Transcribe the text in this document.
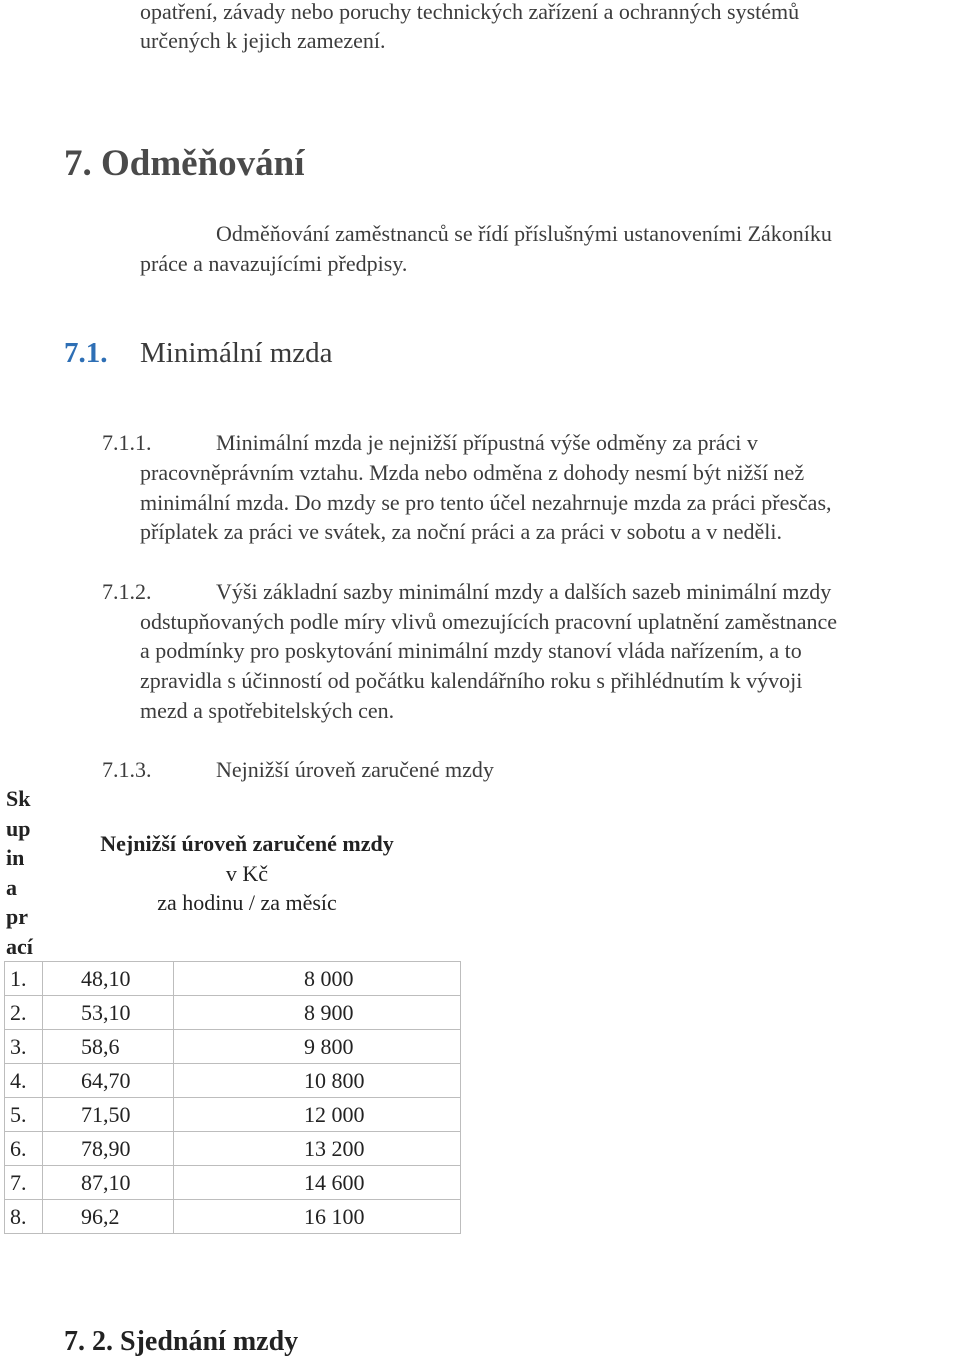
opatření, závady nebo poruchy technických zařízení a ochranných systémů
určených k jejich zamezení.
7. Odměňování
Odměňování zaměstnanců se řídí příslušnými ustanoveními Zákoníku
práce a navazujícími předpisy.
7.1. Minimální mzda
7.1.1.	Minimální mzda je nejnižší přípustná výše odměny za práci v
pracovněprávním vztahu. Mzda nebo odměna z dohody nesmí být nižší než
minimální mzda. Do mzdy se pro tento účel nezahrnuje mzda za práci přesčas,
příplatek za práci ve svátek, za noční práci a za práci v sobotu a v neděli.
7.1.2.	Výši základní sazby minimální mzdy a dalších sazeb minimální mzdy
odstupňovaných podle míry vlivů omezujících pracovní uplatnění zaměstnance
a podmínky pro poskytování minimální mzdy stanoví vláda nařízením, a to
zpravidla s účinností od počátku kalendářního roku s přihlédnutím k vývoji
mezd a spotřebitelských cen.
7.1.3.	Nejnižší úroveň zaručené mzdy
Sk
up
in
a
pr
ací
Nejnižší úroveň zaručené mzdy
v Kč
za hodinu / za měsíc
1.	48,10	8 000
2.	53,10	8 900
3.	58,6	9 800
4.	64,70	10 800
5.	71,50	12 000
6.	78,90	13 200
7.	87,10	14 600
8.	96,2	16 100
7. 2. Sjednání mzdy
